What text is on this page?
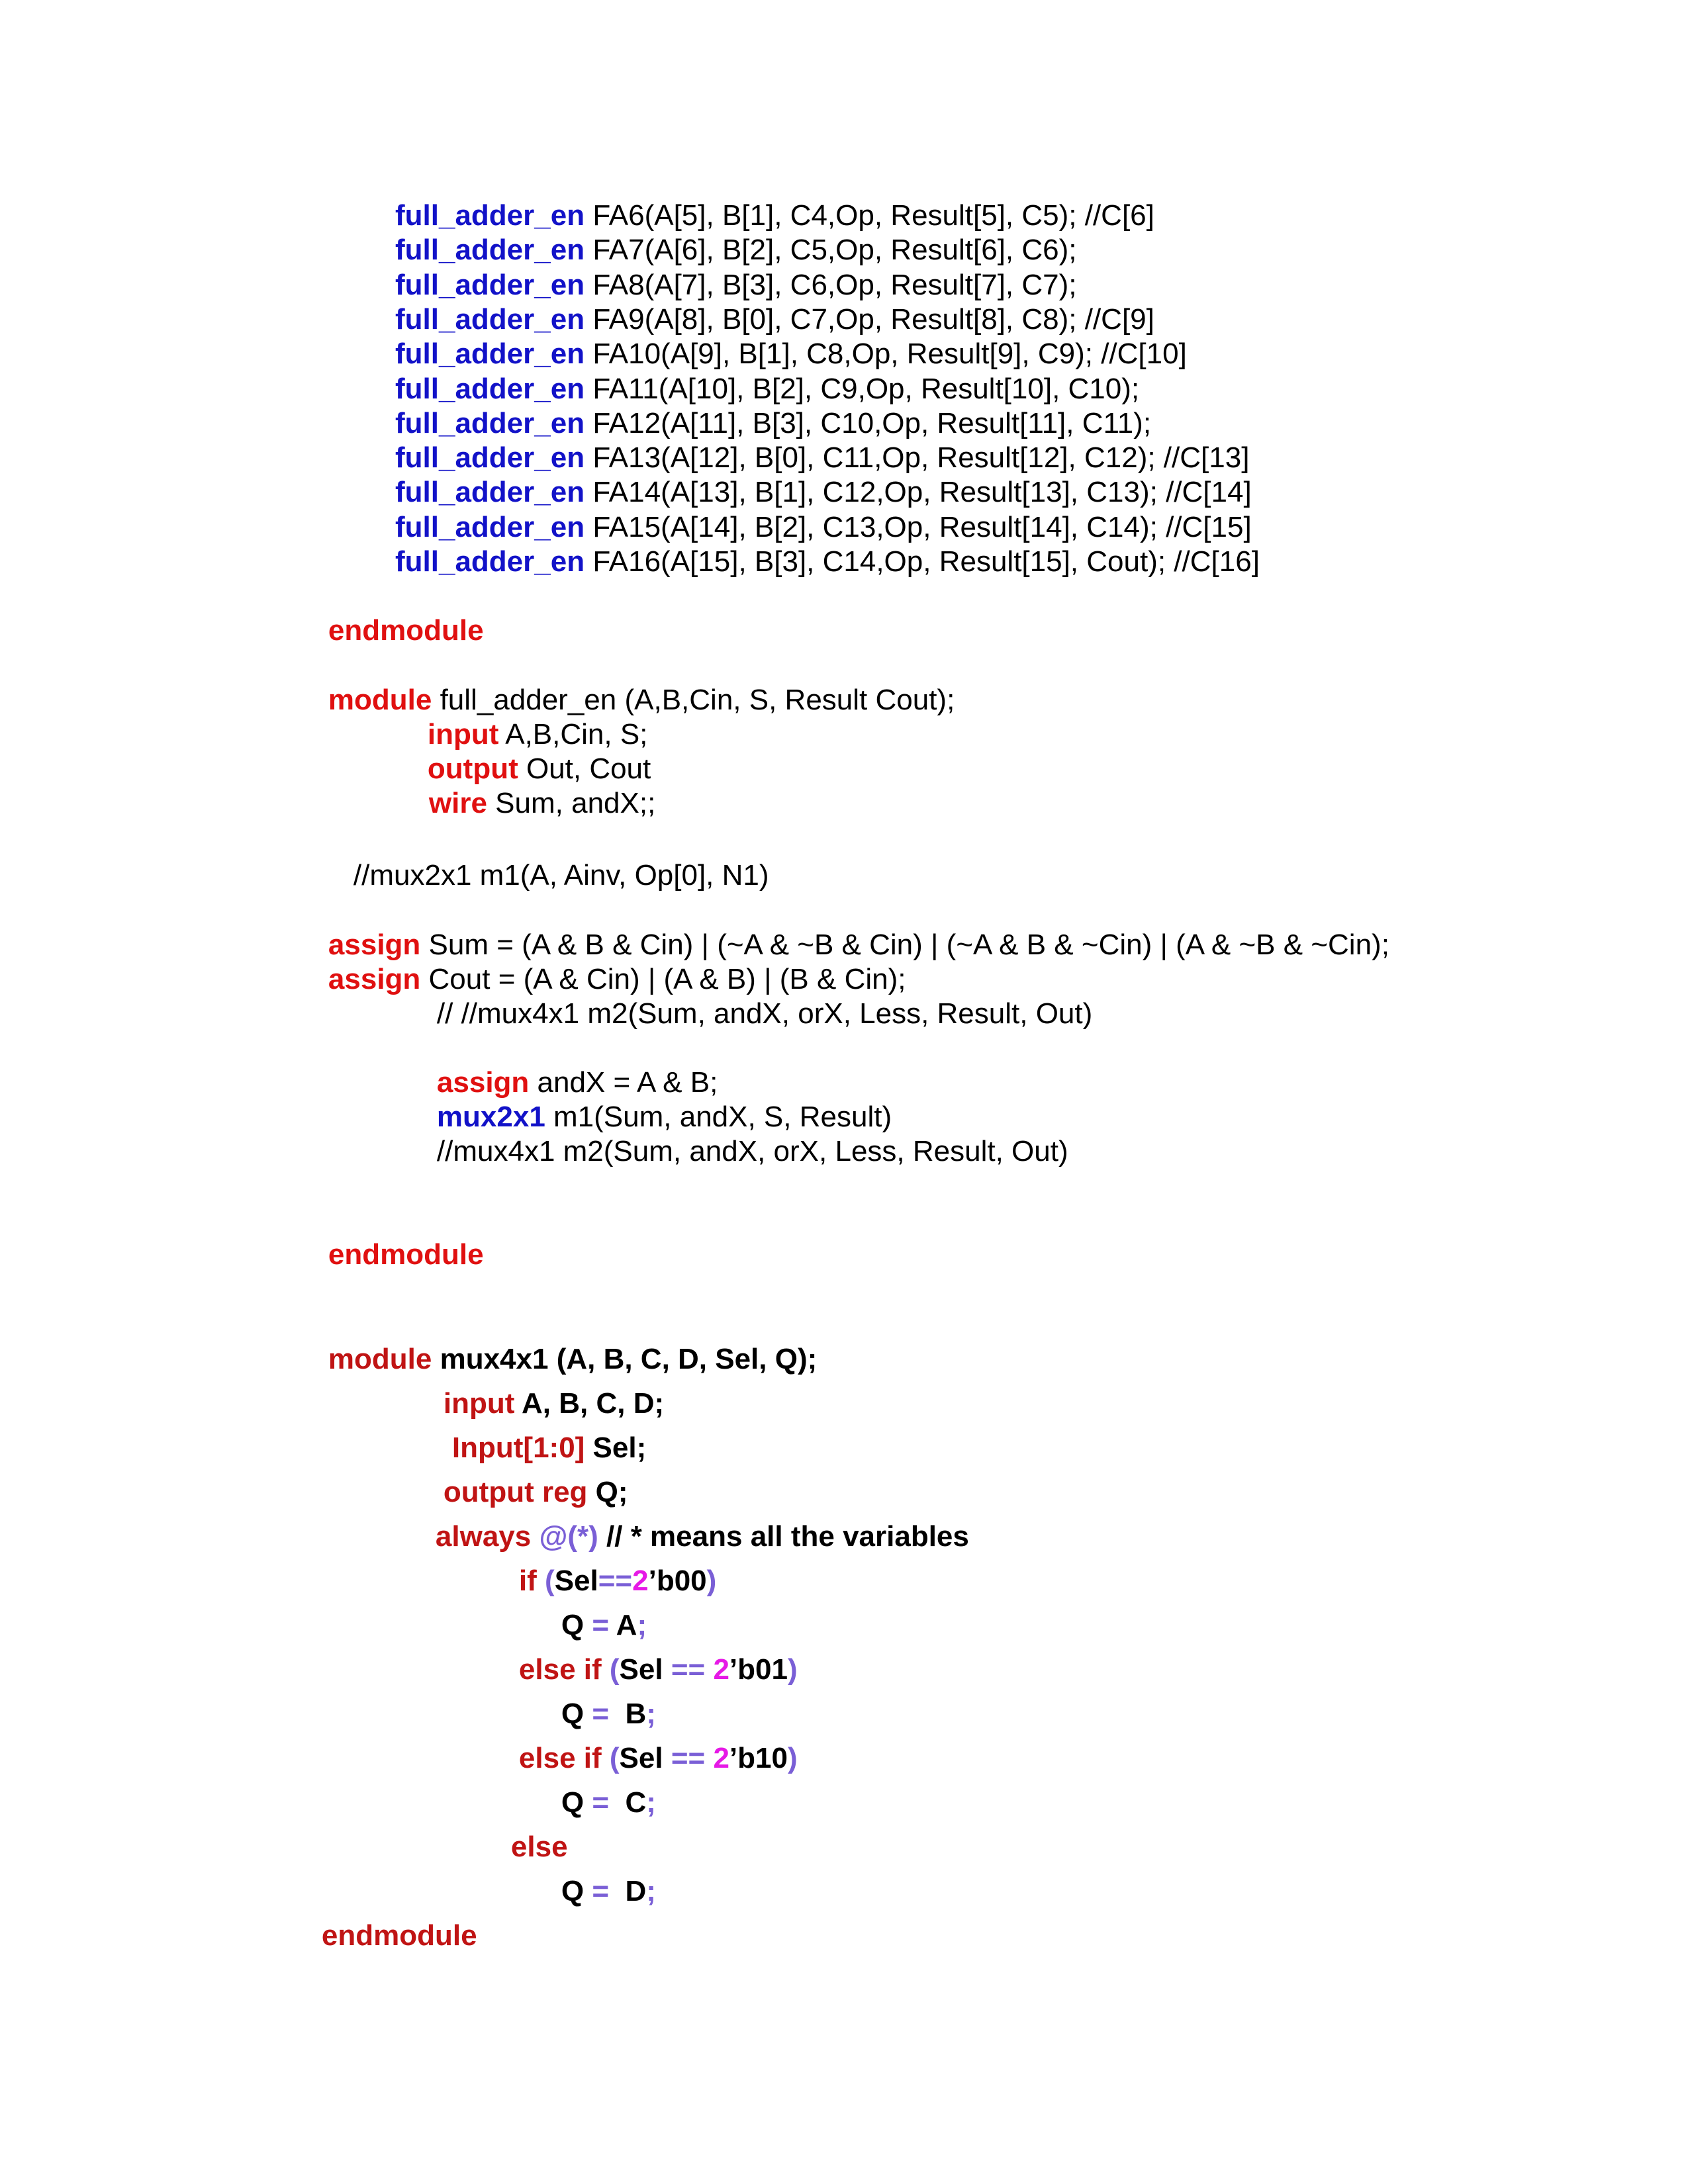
full_adder_en FA6(A[5], B[1], C4,Op, Result[5], C5); //C[6]
full_adder_en FA7(A[6], B[2], C5,Op, Result[6], C6);
full_adder_en FA8(A[7], B[3], C6,Op, Result[7], C7);
full_adder_en FA9(A[8], B[0], C7,Op, Result[8], C8); //C[9]
full_adder_en FA10(A[9], B[1], C8,Op, Result[9], C9); //C[10]
full_adder_en FA11(A[10], B[2], C9,Op, Result[10], C10);
full_adder_en FA12(A[11], B[3], C10,Op, Result[11], C11);
full_adder_en FA13(A[12], B[0], C11,Op, Result[12], C12); //C[13]
full_adder_en FA14(A[13], B[1], C12,Op, Result[13], C13); //C[14]
full_adder_en FA15(A[14], B[2], C13,Op, Result[14], C14); //C[15]
full_adder_en FA16(A[15], B[3], C14,Op, Result[15], Cout); //C[16]

endmodule

module full_adder_en (A,B,Cin, S, Result Cout);

input A,B,Cin, S;

output Out, Cout

wire Sum, andX;;

//mux2x1 m1(A, Ainv, Op[0], N1)

assign Sum = (A & B & Cin) | (~A & ~B & Cin) | (~A & B & ~Cin) | (A & ~B & ~Cin);

assign Cout = (A & Cin) | (A & B) | (B & Cin);

// //mux4x1 m2(Sum, andX, orX, Less, Result, Out)

assign andX = A & B;

mux2x1 m1(Sum, andX, S, Result)

//mux4x1 m2(Sum, andX, orX, Less, Result, Out)

endmodule

module mux4x1 (A, B, C, D, Sel, Q);

input A, B, C, D;

Input[1:0] Sel;

output reg Q;

always @(*) // * means all the variables

if (Sel==2’b00)

Q = A;

else if (Sel == 2’b01)

Q =  B;

else if (Sel == 2’b10)

Q =  C;

else

Q =  D;

endmodule
